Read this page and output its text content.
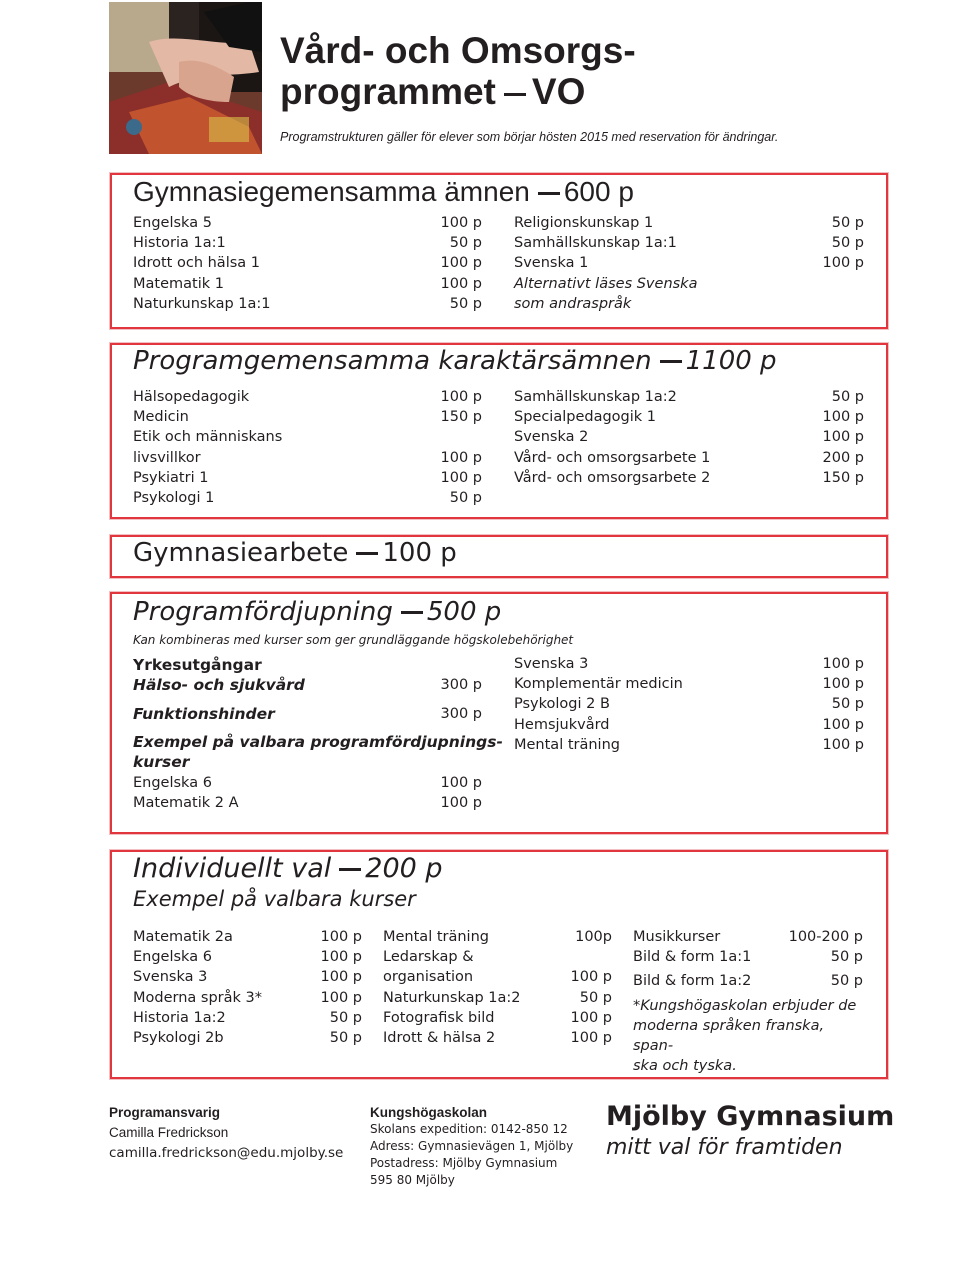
Vård- och Omsorgs-
programmet VO
Programstrukturen gäller för elever som börjar hösten 2015 med reservation för ändringar.
Gymnasiegemensamma ämnen 600 p
Engelska 5	100 p
Historia 1a:1	50 p
Idrott och hälsa 1	100 p
Matematik 1	100 p
Naturkunskap 1a:1	50 p
Religionskunskap 1	50 p
Samhällskunskap 1a:1	50 p
Svenska 1	100 p
Alternativt läses Svenska
som andraspråk
Programgemensamma karaktärsämnen 1100 p
Hälsopedagogik	100 p
Medicin	150 p
Etik och människans
livsvillkor	100 p
Psykiatri 1	100 p
Psykologi 1	50 p
Samhällskunskap 1a:2	50 p
Specialpedagogik 1	100 p
Svenska 2	100 p
Vård- och omsorgsarbete 1	200 p
Vård- och omsorgsarbete 2	150 p
Gymnasiearbete 100 p
Programfördjupning 500 p
Kan kombineras med kurser som ger grundläggande högskolebehörighet
Yrkesutgångar
Hälso- och sjukvård	300 p
Funktionshinder	300 p
Exempel på valbara programfördjupnings-
kurser
Engelska 6	100 p
Matematik 2 A	100 p
Svenska 3	100 p
Komplementär medicin	100 p
Psykologi 2 B	50 p
Hemsjukvård	100 p
Mental träning	100 p
Individuellt val 200 p
Exempel på valbara kurser
Matematik 2a	100 p
Engelska 6	100 p
Svenska 3	100 p
Moderna språk 3*	100 p
Historia 1a:2	50 p
Psykologi 2b	50 p
Mental träning	100p
Ledarskap &
organisation	100 p
Naturkunskap 1a:2	50 p
Fotografisk bild	100 p
Idrott & hälsa 2	100 p
Musikkurser	100-200 p
Bild & form 1a:1	50 p
Bild & form 1a:2	50 p
*Kungshögaskolan erbjuder de
moderna språken franska, span-
ska och tyska.
Programansvarig
Camilla Fredrickson
camilla.fredrickson@edu.mjolby.se
Kungshögaskolan
Skolans expedition: 0142-850 12
Adress: Gymnasievägen 1, Mjölby
Postadress: Mjölby Gymnasium
595 80 Mjölby
Mjölby Gymnasium
mitt val för framtiden
